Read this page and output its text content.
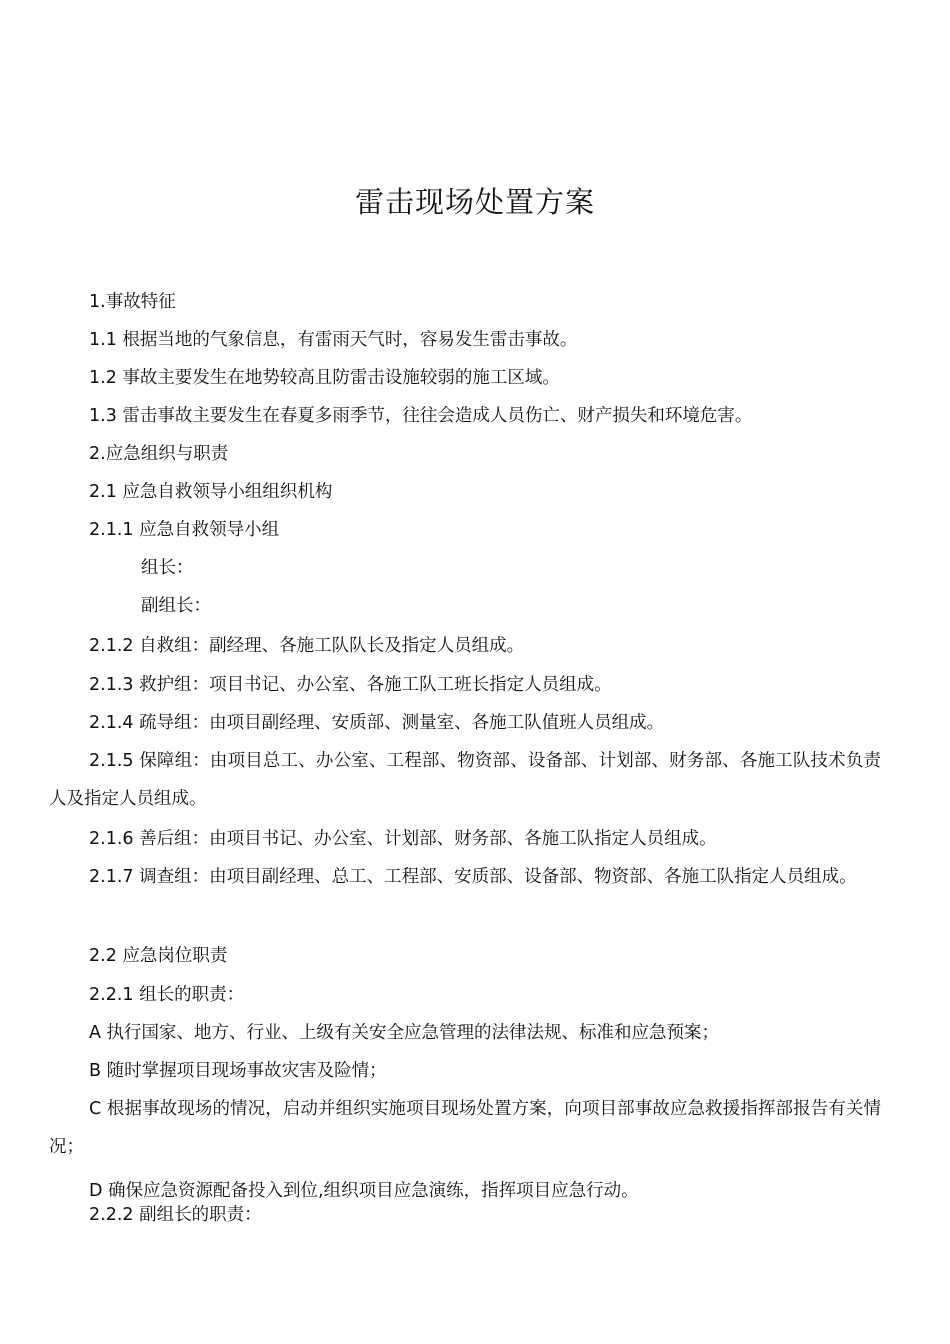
雷击现场处置方案

1.事故特征

1.1 根据当地的气象信息，有雷雨天气时，容易发生雷击事故。

1.2 事故主要发生在地势较高且防雷击设施较弱的施工区域。

1.3 雷击事故主要发生在春夏多雨季节，往往会造成人员伤亡、财产损失和环境危害。

2.应急组织与职责

2.1 应急自救领导小组组织机构

2.1.1 应急自救领导小组

组长：

副组长：

2.1.2 自救组：副经理、各施工队队长及指定人员组成。

2.1.3 救护组：项目书记、办公室、各施工队工班长指定人员组成。

2.1.4 疏导组：由项目副经理、安质部、测量室、各施工队值班人员组成。

2.1.5 保障组：由项目总工、办公室、工程部、物资部、设备部、计划部、财务部、各施工队技术负责人及指定人员组成。

2.1.6 善后组：由项目书记、办公室、计划部、财务部、各施工队指定人员组成。

2.1.7 调查组：由项目副经理、总工、工程部、安质部、设备部、物资部、各施工队指定人员组成。

2.2 应急岗位职责

2.2.1 组长的职责：

A 执行国家、地方、行业、上级有关安全应急管理的法律法规、标准和应急预案；

B 随时掌握项目现场事故灾害及险情；

C 根据事故现场的情况，启动并组织实施项目现场处置方案，向项目部事故应急救援指挥部报告有关情况；

D 确保应急资源配备投入到位,组织项目应急演练，指挥项目应急行动。

2.2.2 副组长的职责：
